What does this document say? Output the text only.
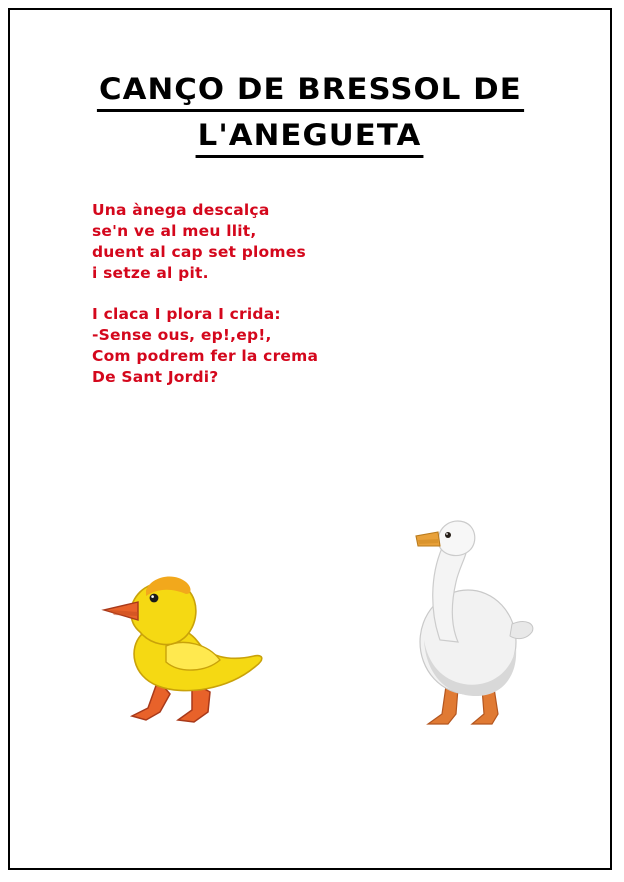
CANÇO DE BRESSOL DE
L'ANEGUETA
Una ànega descalça
se'n ve al meu llit,
duent al cap set plomes
i setze al pit.
I claca I plora I crida:
-Sense ous, ep!,ep!,
Com podrem fer la crema
De Sant Jordi?
